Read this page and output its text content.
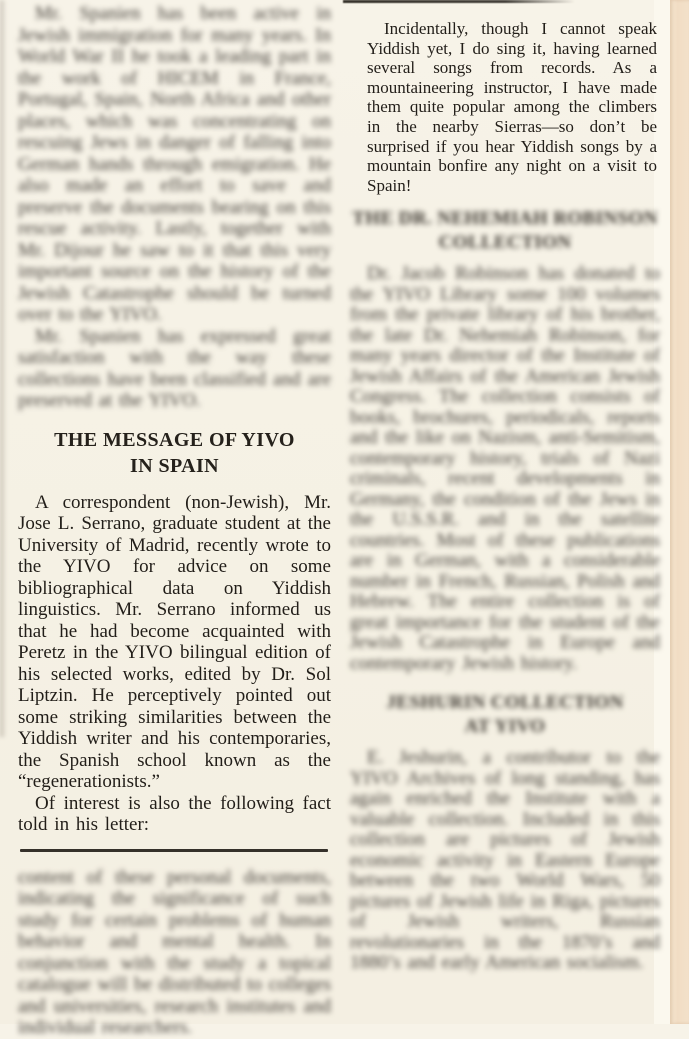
Mr. Spanien has been active in Jewish immigration for many years. In World War II he took a leading part in the work of HICEM in France, Portugal, Spain, North Africa and other places, which was concentrating on rescuing Jews in danger of falling into German hands through emigration. He also made an effort to save and preserve the documents bearing on this rescue activity. Lastly, together with Mr. Dijour he saw to it that this very important source on the history of the Jewish Catastrophe should be turned over to the YIVO.

Mr. Spanien has expressed great satisfaction with the way these collections have been classified and are preserved at the YIVO.

THE MESSAGE OF YIVO
IN SPAIN

A correspondent (non-Jewish), Mr. Jose L. Serrano, graduate student at the University of Madrid, recently wrote to the YIVO for advice on some bibliographical data on Yiddish linguistics. Mr. Serrano informed us that he had become acquainted with Peretz in the YIVO bilingual edition of his selected works, edited by Dr. Sol Liptzin. He perceptively pointed out some striking similarities between the Yiddish writer and his contemporaries, the Spanish school known as the “regenerationists.”

Of interest is also the following fact told in his letter:

content of these personal documents, indicating the significance of such study for certain problems of human behavior and mental health. In conjunction with the study a topical catalogue will be distributed to colleges and universities, research institutes and individual researchers.

Incidentally, though I cannot speak Yiddish yet, I do sing it, having learned several songs from records. As a mountaineering instructor, I have made them quite popular among the climbers in the nearby Sierras—so don’t be surprised if you hear Yiddish songs by a mountain bonfire any night on a visit to Spain!

THE DR. NEHEMIAH ROBINSON
COLLECTION

Dr. Jacob Robinson has donated to the YIVO Library some 100 volumes from the private library of his brother, the late Dr. Nehemiah Robinson, for many years director of the Institute of Jewish Affairs of the American Jewish Congress. The collection consists of books, brochures, periodicals, reports and the like on Nazism, anti-Semitism, contemporary history, trials of Nazi criminals, recent developments in Germany, the condition of the Jews in the U.S.S.R. and in the satellite countries. Most of these publications are in German, with a considerable number in French, Russian, Polish and Hebrew. The entire collection is of great importance for the student of the Jewish Catastrophe in Europe and contemporary Jewish history.

JESHURIN COLLECTION
AT YIVO

E. Jeshurin, a contributor to the YIVO Archives of long standing, has again enriched the Institute with a valuable collection. Included in this collection are pictures of Jewish economic activity in Eastern Europe between the two World Wars, 50 pictures of Jewish life in Riga, pictures of Jewish writers, Russian revolutionaries in the 1870’s and 1880’s and early American socialism.
